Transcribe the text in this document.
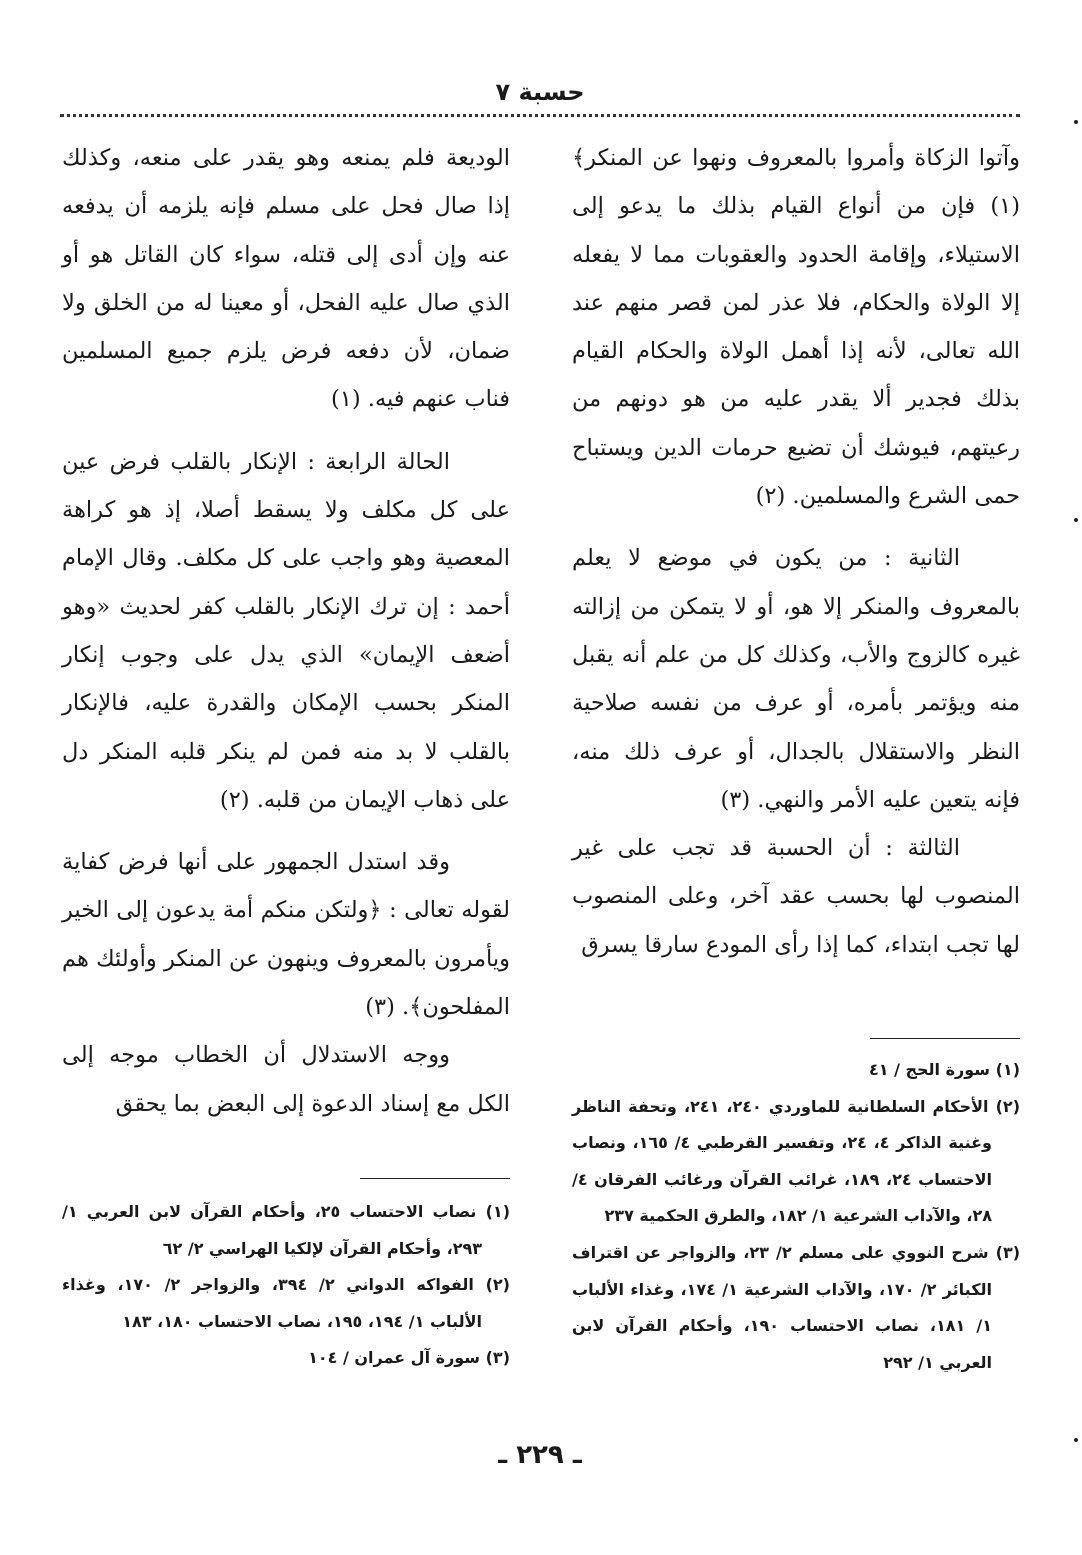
حسبة ٧

وآتوا الزكاة وأمروا بالمعروف ونهوا عن المنكر﴾(١) فإن من أنواع القيام بذلك ما يدعو إلى الاستيلاء، وإقامة الحدود والعقوبات مما لا يفعله إلا الولاة والحكام، فلا عذر لمن قصر منهم عند الله تعالى، لأنه إذا أهمل الولاة والحكام القيام بذلك فجدير ألا يقدر عليه من هو دونهم من رعيتهم، فيوشك أن تضيع حرمات الدين ويستباح حمى الشرع والمسلمين. (٢)

الثانية : من يكون في موضع لا يعلم بالمعروف والمنكر إلا هو، أو لا يتمكن من إزالته غيره كالزوج والأب، وكذلك كل من علم أنه يقبل منه ويؤتمر بأمره، أو عرف من نفسه صلاحية النظر والاستقلال بالجدال، أو عرف ذلك منه، فإنه يتعين عليه الأمر والنهي. (٣)

الثالثة : أن الحسبة قد تجب على غير المنصوب لها بحسب عقد آخر، وعلى المنصوب لها تجب ابتداء، كما إذا رأى المودع سارقا يسرق

الوديعة فلم يمنعه وهو يقدر على منعه، وكذلك إذا صال فحل على مسلم فإنه يلزمه أن يدفعه عنه وإن أدى إلى قتله، سواء كان القاتل هو أو الذي صال عليه الفحل، أو معينا له من الخلق ولا ضمان، لأن دفعه فرض يلزم جميع المسلمين فناب عنهم فيه. (١)

الحالة الرابعة : الإنكار بالقلب فرض عين على كل مكلف ولا يسقط أصلا، إذ هو كراهة المعصية وهو واجب على كل مكلف. وقال الإمام أحمد : إن ترك الإنكار بالقلب كفر لحديث «وهو أضعف الإيمان» الذي يدل على وجوب إنكار المنكر بحسب الإمكان والقدرة عليه، فالإنكار بالقلب لا بد منه فمن لم ينكر قلبه المنكر دل على ذهاب الإيمان من قلبه. (٢)

وقد استدل الجمهور على أنها فرض كفاية لقوله تعالى : ﴿ولتكن منكم أمة يدعون إلى الخير ويأمرون بالمعروف وينهون عن المنكر وأولئك هم المفلحون﴾. (٣)

ووجه الاستدلال أن الخطاب موجه إلى الكل مع إسناد الدعوة إلى البعض بما يحقق

(١) سورة الحج / ٤١
(٢) الأحكام السلطانية للماوردي ٢٤٠، ٢٤١، وتحفة الناظر وغنية الذاكر ٤، ٢٤، وتفسير القرطبي ٤/ ١٦٥، ونصاب الاحتساب ٢٤، ١٨٩، غرائب القرآن ورغائب الفرقان ٤/ ٢٨، والآداب الشرعية ١/ ١٨٢، والطرق الحكمية ٢٣٧
(٣) شرح النووي على مسلم ٢/ ٢٣، والزواجر عن اقتراف الكبائر ٢/ ١٧٠، والآداب الشرعية ١/ ١٧٤، وغذاء الألباب ١/ ١٨١، نصاب الاحتساب ١٩٠، وأحكام القرآن لابن العربي ١/ ٢٩٢
(١) نصاب الاحتساب ٢٥، وأحكام القرآن لابن العربي ١/ ٢٩٣، وأحكام القرآن لإلكيا الهراسي ٢/ ٦٢
(٢) الفواكه الدواني ٢/ ٣٩٤، والزواجر ٢/ ١٧٠، وغذاء الألباب ١/ ١٩٤، ١٩٥، نصاب الاحتساب ١٨٠، ١٨٣
(٣) سورة آل عمران / ١٠٤
ـ ٢٢٩ ـ
